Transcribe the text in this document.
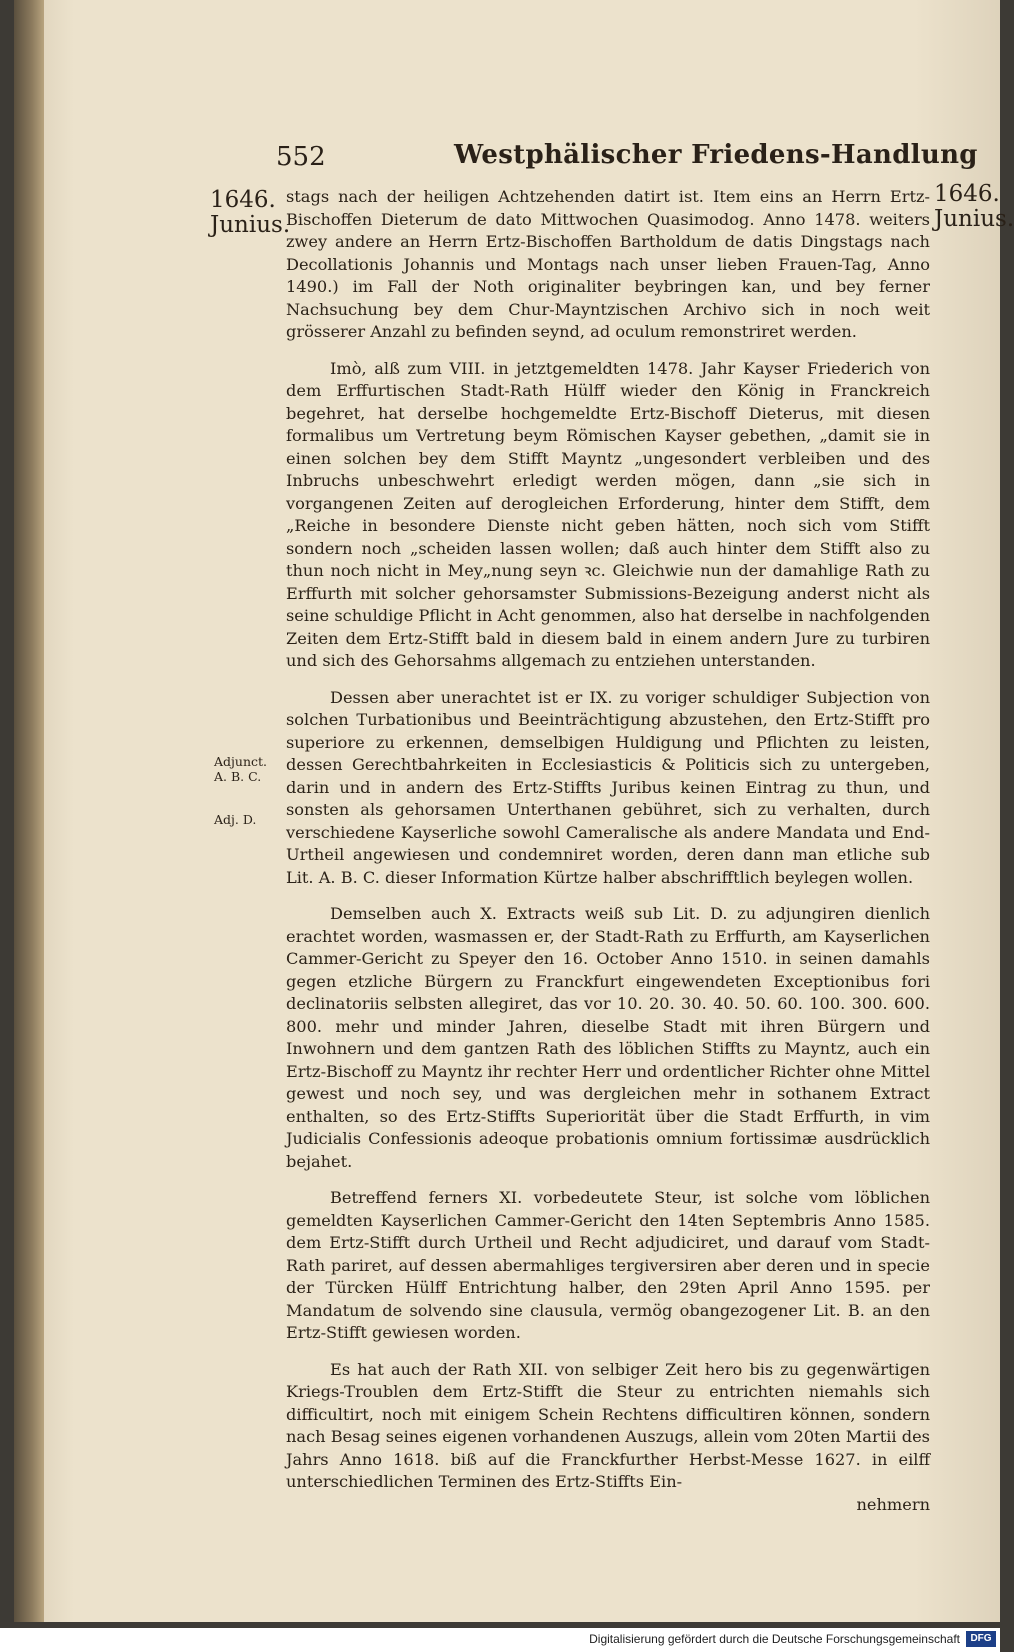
552	Westphälischer Friedens-Handlung
1646.
Junius.
1646.
Junius.
Adjunct.
A. B. C.
Adj. D.

stags nach der heiligen Achtzehenden datirt ist. Item eins an Herrn Ertz-Bischoffen Dieterum de dato Mittwochen Quasimodog. Anno 1478. weiters zwey andere an Herrn Ertz-Bischoffen Bartholdum de datis Dingstags nach Decollationis Johannis und Montags nach unser lieben Frauen-Tag, Anno 1490.) im Fall der Noth originaliter beybringen kan, und bey ferner Nachsuchung bey dem Chur-Mayntzischen Archivo sich in noch weit grösserer Anzahl zu befinden seynd, ad oculum remonstriret werden.

Imò, alß zum VIII. in jetztgemeldten 1478. Jahr Kayser Friederich von dem Erffurtischen Stadt-Rath Hülff wieder den König in Franckreich begehret, hat derselbe hochgemeldte Ertz-Bischoff Dieterus, mit diesen formalibus um Vertretung beym Römischen Kayser gebethen, „damit sie in einen solchen bey dem Stifft Mayntz „ungesondert verbleiben und des Inbruchs unbeschwehrt erledigt werden mögen, dann „sie sich in vorgangenen Zeiten auf derogleichen Erforderung, hinter dem Stifft, dem „Reiche in besondere Dienste nicht geben hätten, noch sich vom Stifft sondern noch „scheiden lassen wollen; daß auch hinter dem Stifft also zu thun noch nicht in Mey„nung seyn ꝛc. Gleichwie nun der damahlige Rath zu Erffurth mit solcher gehorsamster Submissions-Bezeigung anderst nicht als seine schuldige Pflicht in Acht genommen, also hat derselbe in nachfolgenden Zeiten dem Ertz-Stifft bald in diesem bald in einem andern Jure zu turbiren und sich des Gehorsahms allgemach zu entziehen unterstanden.

Dessen aber unerachtet ist er IX. zu voriger schuldiger Subjection von solchen Turbationibus und Beeinträchtigung abzustehen, den Ertz-Stifft pro superiore zu erkennen, demselbigen Huldigung und Pflichten zu leisten, dessen Gerechtbahrkeiten in Ecclesiasticis & Politicis sich zu untergeben, darin und in andern des Ertz-Stiffts Juribus keinen Eintrag zu thun, und sonsten als gehorsamen Unterthanen gebühret, sich zu verhalten, durch verschiedene Kayserliche sowohl Cameralische als andere Mandata und End-Urtheil angewiesen und condemniret worden, deren dann man etliche sub Lit. A. B. C. dieser Information Kürtze halber abschrifftlich beylegen wollen.

Demselben auch X. Extracts weiß sub Lit. D. zu adjungiren dienlich erachtet worden, wasmassen er, der Stadt-Rath zu Erffurth, am Kayserlichen Cammer-Gericht zu Speyer den 16. October Anno 1510. in seinen damahls gegen etzliche Bürgern zu Franckfurt eingewendeten Exceptionibus fori declinatoriis selbsten allegiret, das vor 10. 20. 30. 40. 50. 60. 100. 300. 600. 800. mehr und minder Jahren, dieselbe Stadt mit ihren Bürgern und Inwohnern und dem gantzen Rath des löblichen Stiffts zu Mayntz, auch ein Ertz-Bischoff zu Mayntz ihr rechter Herr und ordentlicher Richter ohne Mittel gewest und noch sey, und was dergleichen mehr in sothanem Extract enthalten, so des Ertz-Stiffts Superiorität über die Stadt Erffurth, in vim Judicialis Confessionis adeoque probationis omnium fortissimæ ausdrücklich bejahet.

Betreffend ferners XI. vorbedeutete Steur, ist solche vom löblichen gemeldten Kayserlichen Cammer-Gericht den 14ten Septembris Anno 1585. dem Ertz-Stifft durch Urtheil und Recht adjudiciret, und darauf vom Stadt-Rath pariret, auf dessen abermahliges tergiversiren aber deren und in specie der Türcken Hülff Entrichtung halber, den 29ten April Anno 1595. per Mandatum de solvendo sine clausula, vermög obangezogener Lit. B. an den Ertz-Stifft gewiesen worden.

Es hat auch der Rath XII. von selbiger Zeit hero bis zu gegenwärtigen Kriegs-Troublen dem Ertz-Stifft die Steur zu entrichten niemahls sich difficultirt, noch mit einigem Schein Rechtens difficultiren können, sondern nach Besag seines eigenen vorhandenen Auszugs, allein vom 20ten Martii des Jahrs Anno 1618. biß auf die Franckfurther Herbst-Messe 1627. in eilff unterschiedlichen Terminen des Ertz-Stiffts Ein-

nehmern
Digitalisierung gefördert durch die Deutsche Forschungsgemeinschaft	DFG
